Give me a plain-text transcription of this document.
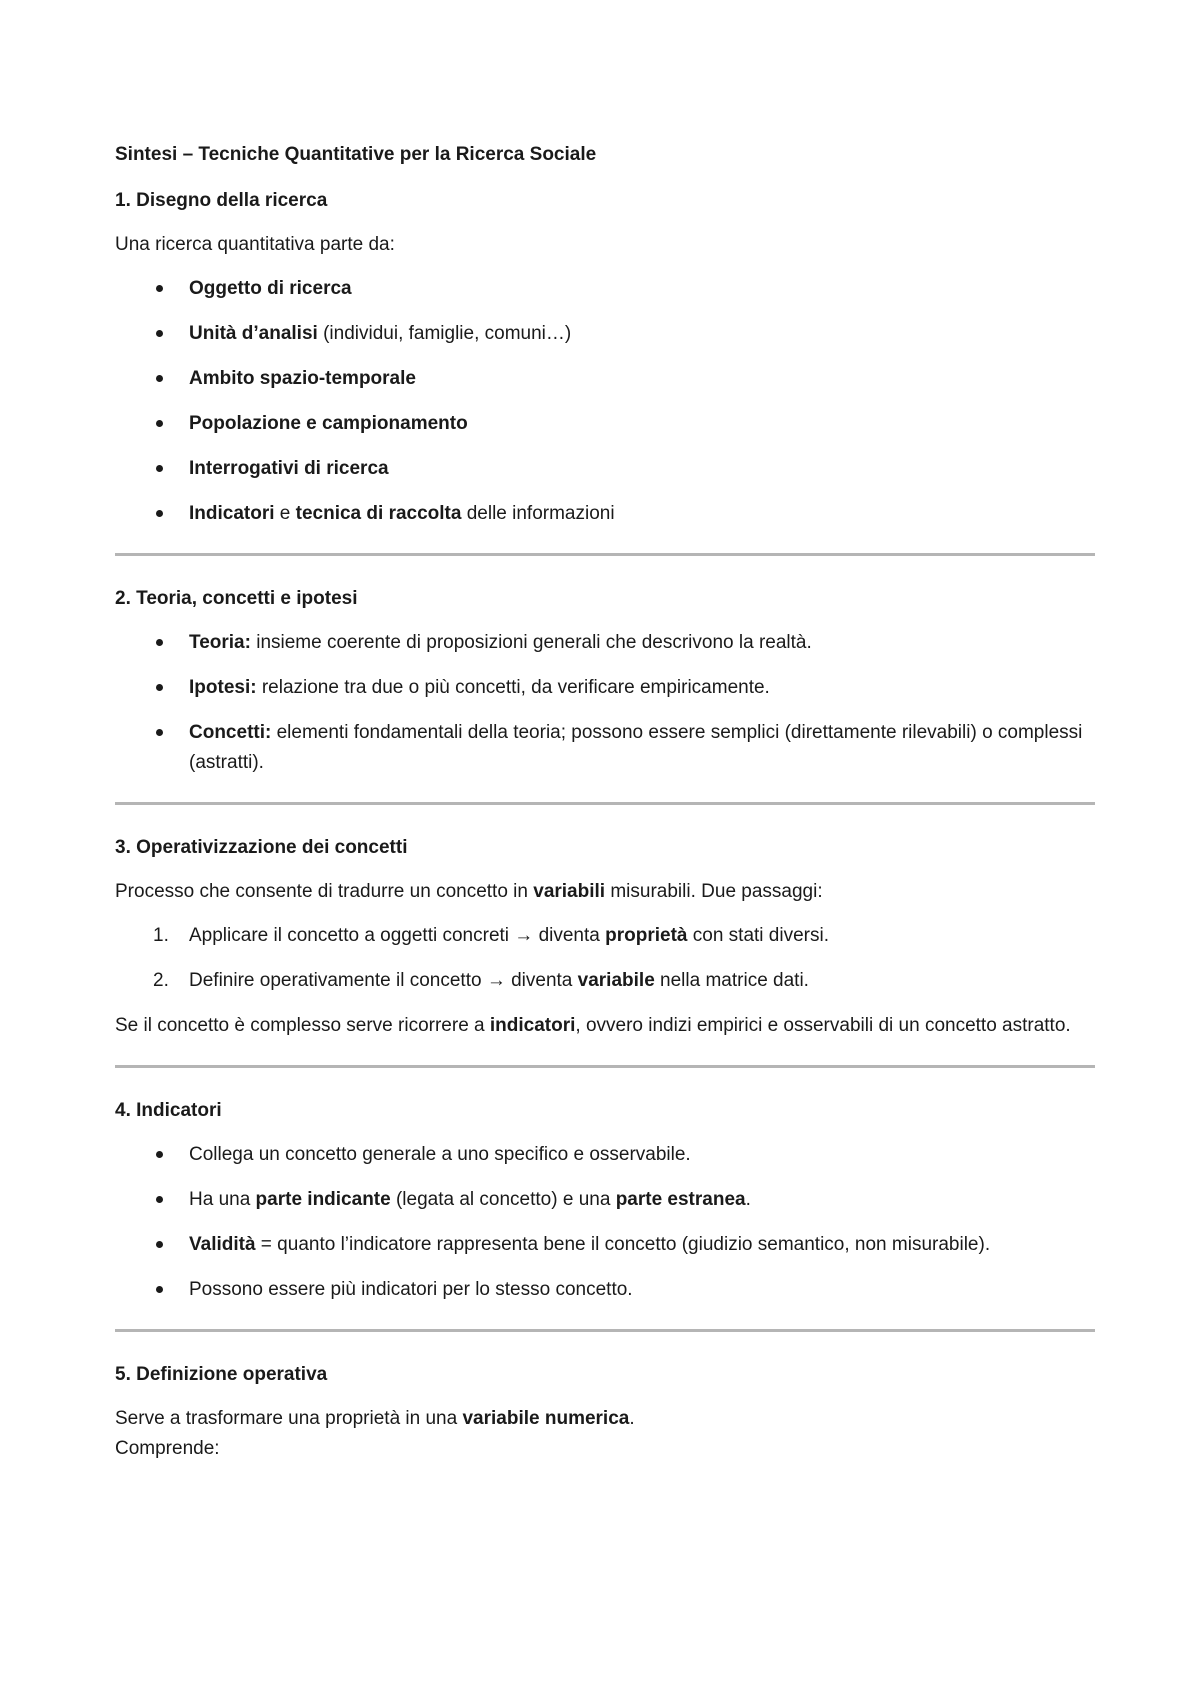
Sintesi – Tecniche Quantitative per la Ricerca Sociale
1. Disegno della ricerca
Una ricerca quantitativa parte da:
Oggetto di ricerca
Unità d’analisi (individui, famiglie, comuni…)
Ambito spazio-temporale
Popolazione e campionamento
Interrogativi di ricerca
Indicatori e tecnica di raccolta delle informazioni
2. Teoria, concetti e ipotesi
Teoria: insieme coerente di proposizioni generali che descrivono la realtà.
Ipotesi: relazione tra due o più concetti, da verificare empiricamente.
Concetti: elementi fondamentali della teoria; possono essere semplici (direttamente rilevabili) o complessi (astratti).
3. Operativizzazione dei concetti
Processo che consente di tradurre un concetto in variabili misurabili. Due passaggi:
1. Applicare il concetto a oggetti concreti → diventa proprietà con stati diversi.
2. Definire operativamente il concetto → diventa variabile nella matrice dati.
Se il concetto è complesso serve ricorrere a indicatori, ovvero indizi empirici e osservabili di un concetto astratto.
4. Indicatori
Collega un concetto generale a uno specifico e osservabile.
Ha una parte indicante (legata al concetto) e una parte estranea.
Validità = quanto l’indicatore rappresenta bene il concetto (giudizio semantico, non misurabile).
Possono essere più indicatori per lo stesso concetto.
5. Definizione operativa
Serve a trasformare una proprietà in una variabile numerica.
Comprende:
